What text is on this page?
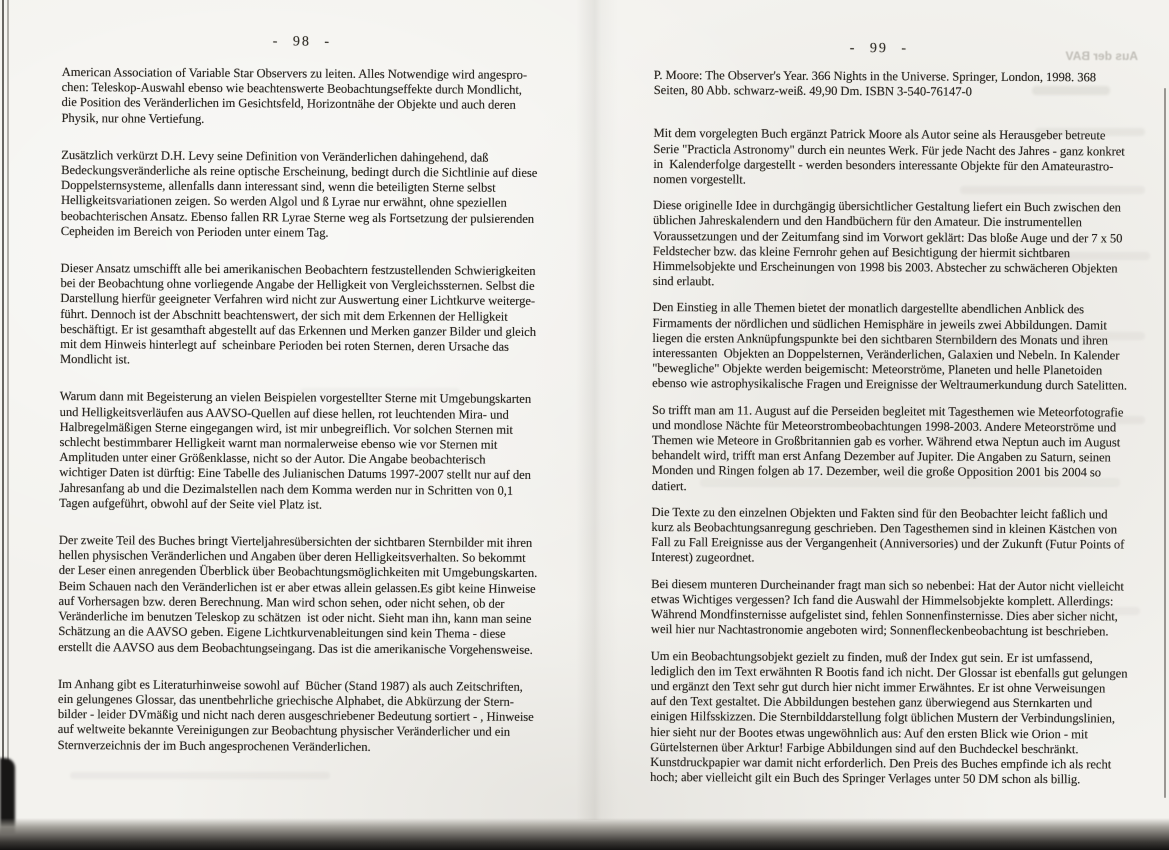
- 98 -
American Association of Variable Star Observers zu leiten. Alles Notwendige wird angespro-
chen: Teleskop-Auswahl ebenso wie beachtenswerte Beobachtungseffekte durch Mondlicht,
die Position des Veränderlichen im Gesichtsfeld, Horizontnähe der Objekte und auch deren
Physik, nur ohne Vertiefung.
Zusätzlich verkürzt D.H. Levy seine Definition von Veränderlichen dahingehend, daß
Bedeckungsveränderliche als reine optische Erscheinung, bedingt durch die Sichtlinie auf diese
Doppelsternsysteme, allenfalls dann interessant sind, wenn die beteiligten Sterne selbst
Helligkeitsvariationen zeigen. So werden Algol und ß Lyrae nur erwähnt, ohne speziellen
beobachterischen Ansatz. Ebenso fallen RR Lyrae Sterne weg als Fortsetzung der pulsierenden
Cepheiden im Bereich von Perioden unter einem Tag.
Dieser Ansatz umschifft alle bei amerikanischen Beobachtern festzustellenden Schwierigkeiten
bei der Beobachtung ohne vorliegende Angabe der Helligkeit von Vergleichssternen. Selbst die
Darstellung hierfür geeigneter Verfahren wird nicht zur Auswertung einer Lichtkurve weiterge-
führt. Dennoch ist der Abschnitt beachtenswert, der sich mit dem Erkennen der Helligkeit
beschäftigt. Er ist gesamthaft abgestellt auf das Erkennen und Merken ganzer Bilder und gleich
mit dem Hinweis hinterlegt auf  scheinbare Perioden bei roten Sternen, deren Ursache das
Mondlicht ist.
Warum dann mit Begeisterung an vielen Beispielen vorgestellter Sterne mit Umgebungskarten
und Helligkeitsverläufen aus AAVSO-Quellen auf diese hellen, rot leuchtenden Mira- und
Halbregelmäßigen Sterne eingegangen wird, ist mir unbegreiflich. Vor solchen Sternen mit
schlecht bestimmbarer Helligkeit warnt man normalerweise ebenso wie vor Sternen mit
Amplituden unter einer Größenklasse, nicht so der Autor. Die Angabe beobachterisch
wichtiger Daten ist dürftig: Eine Tabelle des Julianischen Datums 1997-2007 stellt nur auf den
Jahresanfang ab und die Dezimalstellen nach dem Komma werden nur in Schritten von 0,1
Tagen aufgeführt, obwohl auf der Seite viel Platz ist.
Der zweite Teil des Buches bringt Vierteljahresübersichten der sichtbaren Sternbilder mit ihren
hellen physischen Veränderlichen und Angaben über deren Helligkeitsverhalten. So bekommt
der Leser einen anregenden Überblick über Beobachtungsmöglichkeiten mit Umgebungskarten.
Beim Schauen nach den Veränderlichen ist er aber etwas allein gelassen.Es gibt keine Hinweise
auf Vorhersagen bzw. deren Berechnung. Man wird schon sehen, oder nicht sehen, ob der
Veränderliche im benutzen Teleskop zu schätzen  ist oder nicht. Sieht man ihn, kann man seine
Schätzung an die AAVSO geben. Eigene Lichtkurvenableitungen sind kein Thema - diese
erstellt die AAVSO aus dem Beobachtungseingang. Das ist die amerikanische Vorgehensweise.
Im Anhang gibt es Literaturhinweise sowohl auf  Bücher (Stand 1987) als auch Zeitschriften,
ein gelungenes Glossar, das unentbehrliche griechische Alphabet, die Abkürzung der Stern-
bilder - leider DVmäßig und nicht nach deren ausgeschriebener Bedeutung sortiert - , Hinweise
auf weltweite bekannte Vereinigungen zur Beobachtung physischer Veränderlicher und ein
Sternverzeichnis der im Buch angesprochenen Veränderlichen.
- 99 -
P. Moore: The Observer's Year. 366 Nights in the Universe. Springer, London, 1998. 368
Seiten, 80 Abb. schwarz-weiß. 49,90 Dm. ISBN 3-540-76147-0
Mit dem vorgelegten Buch ergänzt Patrick Moore als Autor seine als Herausgeber betreute
Serie "Practicla Astronomy" durch ein neuntes Werk. Für jede Nacht des Jahres - ganz konkret
in  Kalenderfolge dargestellt - werden besonders interessante Objekte für den Amateurastro-
nomen vorgestellt.
Diese originelle Idee in durchgängig übersichtlicher Gestaltung liefert ein Buch zwischen den
üblichen Jahreskalendern und den Handbüchern für den Amateur. Die instrumentellen
Voraussetzungen und der Zeitumfang sind im Vorwort geklärt: Das bloße Auge und der 7 x 50
Feldstecher bzw. das kleine Fernrohr gehen auf Besichtigung der hiermit sichtbaren
Himmelsobjekte und Erscheinungen von 1998 bis 2003. Abstecher zu schwächeren Objekten
sind erlaubt.
Den Einstieg in alle Themen bietet der monatlich dargestellte abendlichen Anblick des
Firmaments der nördlichen und südlichen Hemisphäre in jeweils zwei Abbildungen. Damit
liegen die ersten Anknüpfungspunkte bei den sichtbaren Sternbildern des Monats und ihren
interessanten  Objekten an Doppelsternen, Veränderlichen, Galaxien und Nebeln. In Kalender
"bewegliche" Objekte werden beigemischt: Meteorströme, Planeten und helle Planetoiden
ebenso wie astrophysikalische Fragen und Ereignisse der Weltraumerkundung durch Satelitten.
So trifft man am 11. August auf die Perseiden begleitet mit Tagesthemen wie Meteorfotografie
und mondlose Nächte für Meteorstrombeobachtungen 1998-2003. Andere Meteorströme und
Themen wie Meteore in Großbritannien gab es vorher. Während etwa Neptun auch im August
behandelt wird, trifft man erst Anfang Dezember auf Jupiter. Die Angaben zu Saturn, seinen
Monden und Ringen folgen ab 17. Dezember, weil die große Opposition 2001 bis 2004 so
datiert.
Die Texte zu den einzelnen Objekten und Fakten sind für den Beobachter leicht faßlich und
kurz als Beobachtungsanregung geschrieben. Den Tagesthemen sind in kleinen Kästchen von
Fall zu Fall Ereignisse aus der Vergangenheit (Anniversories) und der Zukunft (Futur Points of
Interest) zugeordnet.
Bei diesem munteren Durcheinander fragt man sich so nebenbei: Hat der Autor nicht vielleicht
etwas Wichtiges vergessen? Ich fand die Auswahl der Himmelsobjekte komplett. Allerdings:
Während Mondfinsternisse aufgelistet sind, fehlen Sonnenfinsternisse. Dies aber sicher nicht,
weil hier nur Nachtastronomie angeboten wird; Sonnenfleckenbeobachtung ist beschrieben.
Um ein Beobachtungsobjekt gezielt zu finden, muß der Index gut sein. Er ist umfassend,
lediglich den im Text erwähnten R Bootis fand ich nicht. Der Glossar ist ebenfalls gut gelungen
und ergänzt den Text sehr gut durch hier nicht immer Erwähntes. Er ist ohne Verweisungen
auf den Text gestaltet. Die Abbildungen bestehen ganz überwiegend aus Sternkarten und
einigen Hilfsskizzen. Die Sternbilddarstellung folgt üblichen Mustern der Verbindungslinien,
hier sieht nur der Bootes etwas ungewöhnlich aus: Auf den ersten Blick wie Orion - mit
Gürtelsternen über Arktur! Farbige Abbildungen sind auf den Buchdeckel beschränkt.
Kunstdruckpapier war damit nicht erforderlich. Den Preis des Buches empfinde ich als recht
hoch; aber vielleicht gilt ein Buch des Springer Verlages unter 50 DM schon als billig.
Aus der BAV
